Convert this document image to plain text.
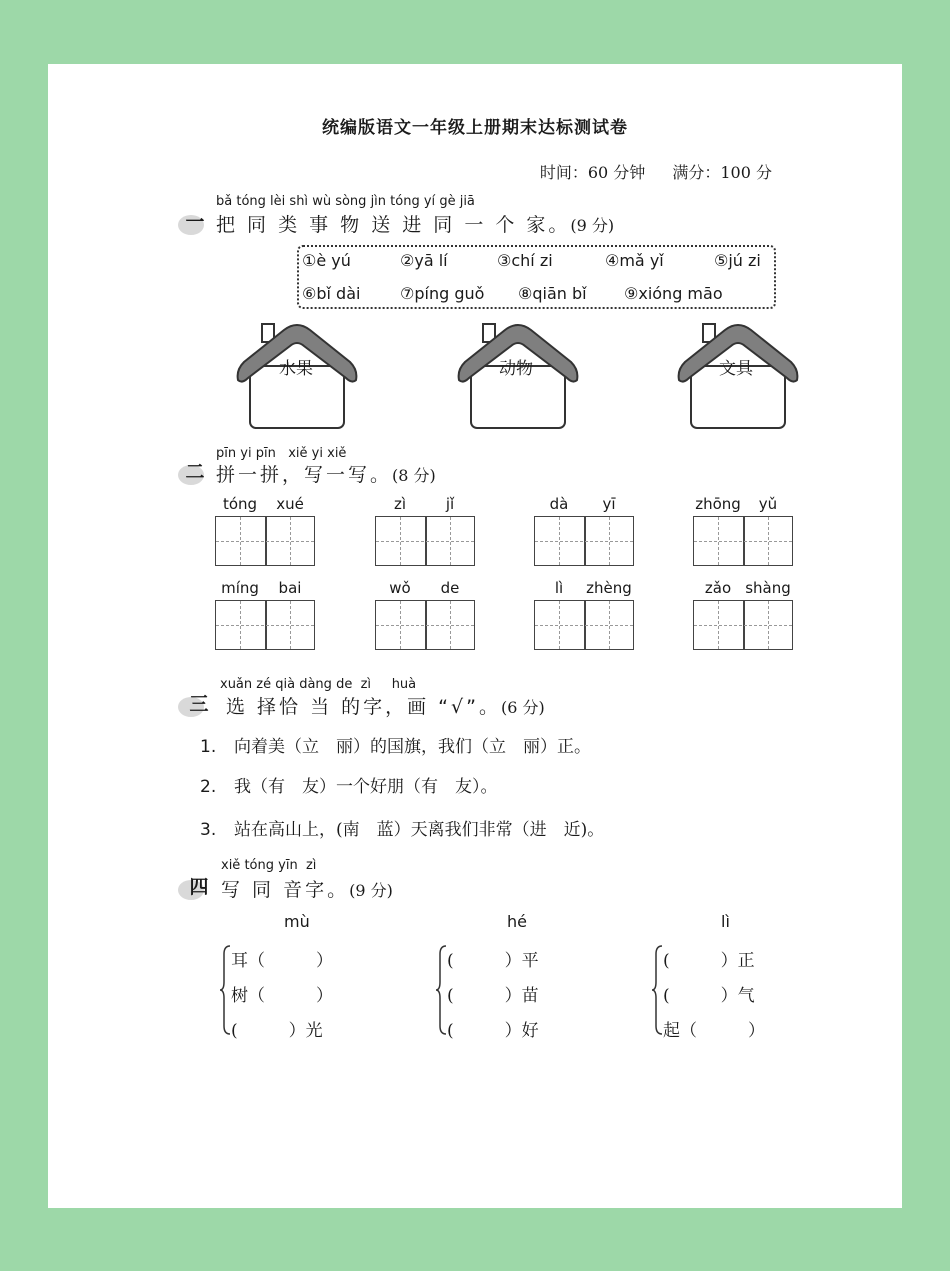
统编版语文一年级上册期末达标测试卷
时间：60 分钟 满分：100 分
一
bǎ tóng lèi shì wù sòng jìn tóng yí gè jiā
把 同 类 事 物 送 进 同 一 个 家。(9 分)
①è yú	②yā lí	③chí zi	④mǎ yǐ	⑤jú zi
⑥bǐ dài ⑦píng guǒ ⑧qiān bǐ ⑨xióng māo
水果	动物	文具
二
pīn yi pīn xiě yi xiě
拼一拼，写一写。(8 分)
tóng	xué	zì	jǐ	dà	yī	zhōng	yǔ
míng	bai	wǒ	de	lì	zhèng	zǎo shàng
三
xuǎn zé qià dàng de zì huà
选 择恰 当 的字，画 “√”。(6 分)
1. 向着美（立　丽）的国旗，我们（立　丽）正。
2. 我（有　友）一个好朋（有　友）。
3. 站在高山上，(南　蓝）天离我们非常（进　近)。
四
xiě tóng yīn zì
写 同 音字。(9 分)
mù
耳（　　　）
树（　　　）
(　　　）光
hé
(　　　）平
(　　　）苗
(　　　）好
lì
(　　　）正
(　　　）气
起（　　　）
